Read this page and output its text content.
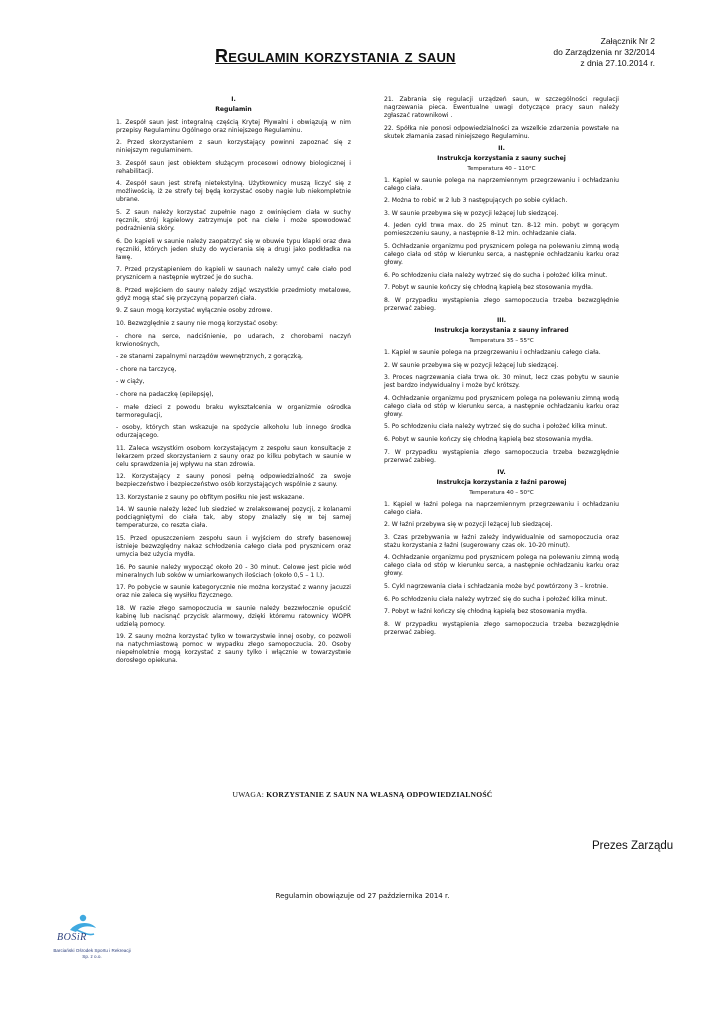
Regulamin korzystania z saun
Załącznik Nr 2
do Zarządzenia nr 32/2014
z dnia 27.10.2014 r.

I.

Regulamin

1. Zespół saun jest integralną częścią Krytej Pływalni i obwiązują w nim przepisy Regulaminu Ogólnego oraz niniejszego Regulaminu.

2. Przed skorzystaniem z saun korzystający powinni zapoznać się z niniejszym regulaminem.

3. Zespół saun jest obiektem służącym procesowi odnowy biologicznej i rehabilitacji.

4. Zespół saun jest strefą nietekstylną. Użytkownicy muszą liczyć się z możliwością, iż ze strefy tej będą korzystać osoby nagie lub niekompletnie ubrane.

5. Z saun należy korzystać zupełnie nago z owinięciem ciała w suchy ręcznik, strój kąpielowy zatrzymuje pot na ciele i może spowodować podrażnienia skóry.

6. Do kąpieli w saunie należy zaopatrzyć się w obuwie typu klapki oraz dwa ręczniki, których jeden służy do wycierania się a drugi jako podkładka na ławę.

7. Przed przystąpieniem do kąpieli w saunach należy umyć całe ciało pod prysznicem a następnie wytrzeć je do sucha.

8. Przed wejściem do sauny należy zdjąć wszystkie przedmioty metalowe, gdyż mogą stać się przyczyną poparzeń ciała.

9. Z saun mogą korzystać wyłącznie osoby zdrowe.

10. Bezwzględnie z sauny nie mogą korzystać osoby:

- chore na serce, nadciśnienie, po udarach, z chorobami naczyń krwionośnych,

- ze stanami zapalnymi narządów wewnętrznych, z gorączką,

- chore na tarczycę,

- w ciąży,

- chore na padaczkę (epilepsję),

- małe dzieci z powodu braku wykształcenia w organizmie ośrodka termoregulacji,

- osoby, których stan wskazuje na spożycie alkoholu lub innego środka odurzającego.

11. Zaleca wszystkim osobom korzystającym z zespołu saun konsultacje z lekarzem przed skorzystaniem z sauny oraz po kilku pobytach w saunie w celu sprawdzenia jej wpływu na stan zdrowia.

12. Korzystający z sauny ponosi pełną odpowiedzialność za swoje bezpieczeństwo i bezpieczeństwo osób korzystających wspólnie z sauny.

13. Korzystanie z sauny po obfitym posiłku nie jest wskazane.

14. W saunie należy leżeć lub siedzieć w zrelaksowanej pozycji, z kolanami podciągniętymi do ciała tak, aby stopy znalazły się w tej samej temperaturze, co reszta ciała.

15. Przed opuszczeniem zespołu saun i wyjściem do strefy basenowej istnieje bezwzględny nakaz schłodzenia całego ciała pod prysznicem oraz umycia bez użycia mydła.

16. Po saunie należy wypocząć około 20 - 30 minut. Celowe jest picie wód mineralnych lub soków w umiarkowanych ilościach (około 0,5 – 1 l.).

17. Po pobycie w saunie kategorycznie nie można korzystać z wanny jacuzzi oraz nie zaleca się wysiłku fizycznego.

18. W razie złego samopoczucia w saunie należy bezzwłocznie opuścić kabinę lub nacisnąć przycisk alarmowy, dzięki któremu ratownicy WOPR udzielą pomocy.

19. Z sauny można korzystać tylko w towarzystwie innej osoby, co pozwoli na natychmiastową pomoc w wypadku złego samopoczucia. 20. Osoby niepełnoletnie mogą korzystać z sauny tylko i włącznie w towarzystwie dorosłego opiekuna.

21. Zabrania się regulacji urządzeń saun, w szczególności regulacji nagrzewania pieca. Ewentualne uwagi dotyczące pracy saun należy zgłaszać ratownikowi .

22. Spółka nie ponosi odpowiedzialności za wszelkie zdarzenia powstałe na skutek złamania zasad niniejszego Regulaminu.

II.

Instrukcja korzystania z sauny suchej

Temperatura 40 – 110°C

1. Kąpiel w saunie polega na naprzemiennym przegrzewaniu i ochładzaniu całego ciała.

2. Można to robić w 2 lub 3 następujących po sobie cyklach.

3. W saunie przebywa się w pozycji leżącej lub siedzącej.

4. Jeden cykl trwa max. do 25 minut tzn. 8-12 min. pobyt w gorącym pomieszczeniu sauny, a następnie 8-12 min. ochładzanie ciała.

5. Ochładzanie organizmu pod prysznicem polega na polewaniu zimną wodą całego ciała od stóp w kierunku serca, a następnie ochładzaniu karku oraz głowy.

6. Po schłodzeniu ciała należy wytrzeć się do sucha i położeć kilka minut.

7. Pobyt w saunie kończy się chłodną kąpielą bez stosowania mydła.

8. W przypadku wystąpienia złego samopoczucia trzeba bezwzględnie przerwać zabieg.

III.

Instrukcja korzystania z sauny infrared

Temperatura 35 – 55°C

1. Kąpiel w saunie polega na przegrzewaniu i ochładzaniu całego ciała.

2. W saunie przebywa się w pozycji leżącej lub siedzącej.

3. Proces nagrzewania ciała trwa ok. 30 minut, lecz czas pobytu w saunie jest bardzo indywidualny i może być krótszy.

4. Ochładzanie organizmu pod prysznicem polega na polewaniu zimną wodą całego ciała od stóp w kierunku serca, a następnie ochładzaniu karku oraz głowy.

5. Po schłodzeniu ciała należy wytrzeć się do sucha i położeć kilka minut.

6. Pobyt w saunie kończy się chłodną kąpielą bez stosowania mydła.

7. W przypadku wystąpienia złego samopoczucia trzeba bezwzględnie przerwać zabieg.

IV.

Instrukcja korzystania z łaźni parowej

Temperatura 40 – 50°C

1. Kąpiel w łaźni polega na naprzemiennym przegrzewaniu i ochładzaniu całego ciała.

2. W łaźni przebywa się w pozycji leżącej lub siedzącej.

3. Czas przebywania w łaźni zależy indywidualnie od samopoczucia oraz stażu korzystania z łaźni (sugerowany czas ok. 10-20 minut).

4. Ochładzanie organizmu pod prysznicem polega na polewaniu zimną wodą całego ciała od stóp w kierunku serca, a następnie ochładzaniu karku oraz głowy.

5. Cykl nagrzewania ciała i schładzania może być powtórzony 3 – krotnie.

6. Po schłodzeniu ciała należy wytrzeć się do sucha i położeć kilka minut.

7. Pobyt w łaźni kończy się chłodną kąpielą bez stosowania mydła.

8. W przypadku wystąpienia złego samopoczucia trzeba bezwzględnie przerwać zabieg.

UWAGA: KORZYSTANIE Z SAUN NA WŁASNĄ ODPOWIEDZIALNOŚĆ
Prezes Zarządu
Regulamin obowiązuje od 27 października 2014 r.
BOSiR
Barciański Ośrodek Sportu i Rekreacji
Sp. z o.o.
